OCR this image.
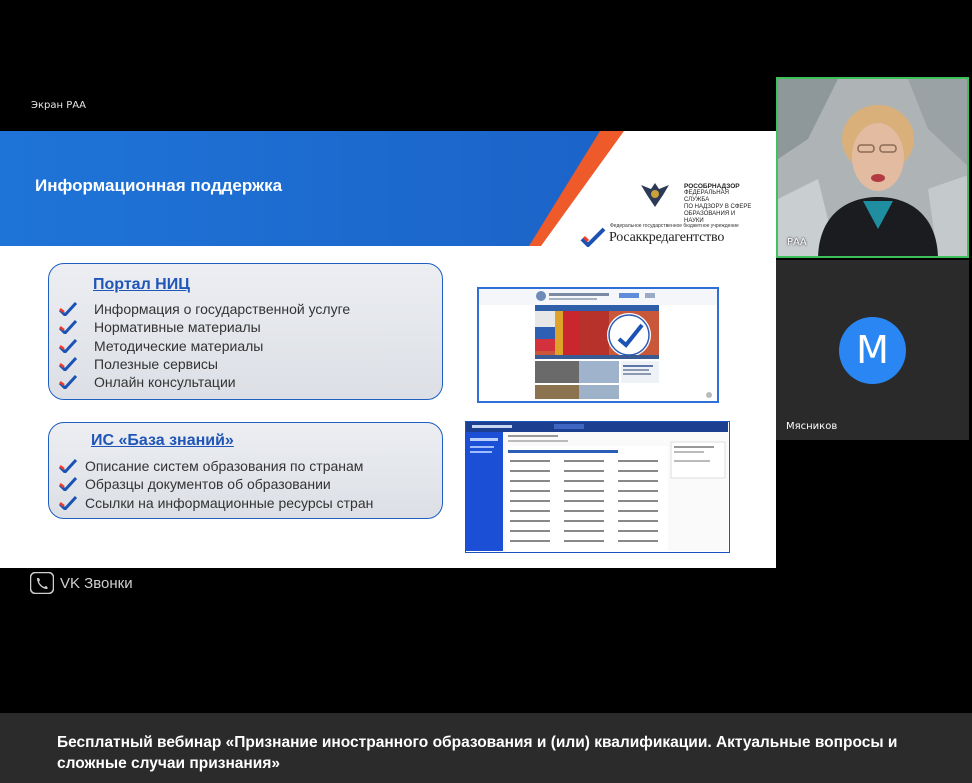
Экран РАА
Информационная поддержка	РОСОБРНАДЗОР
ФЕДЕРАЛЬНАЯ СЛУЖБА
ПО НАДЗОРУ В СФЕРЕ
ОБРАЗОВАНИЯ И НАУКИ
Федеральное государственное бюджетное учреждение
Росаккредагентство
Портал НИЦ
Информация о государственной услуге
Нормативные материалы
Методические материалы
Полезные сервисы
Онлайн консультации
ИС «База знаний»
Описание систем образования по странам
Образцы документов об образовании
Ссылки на информационные ресурсы стран
VK Звонки
РАА
М
Мясников
Бесплатный вебинар «Признание иностранного образования и (или) квалификации. Актуальные вопросы и сложные случаи признания»
